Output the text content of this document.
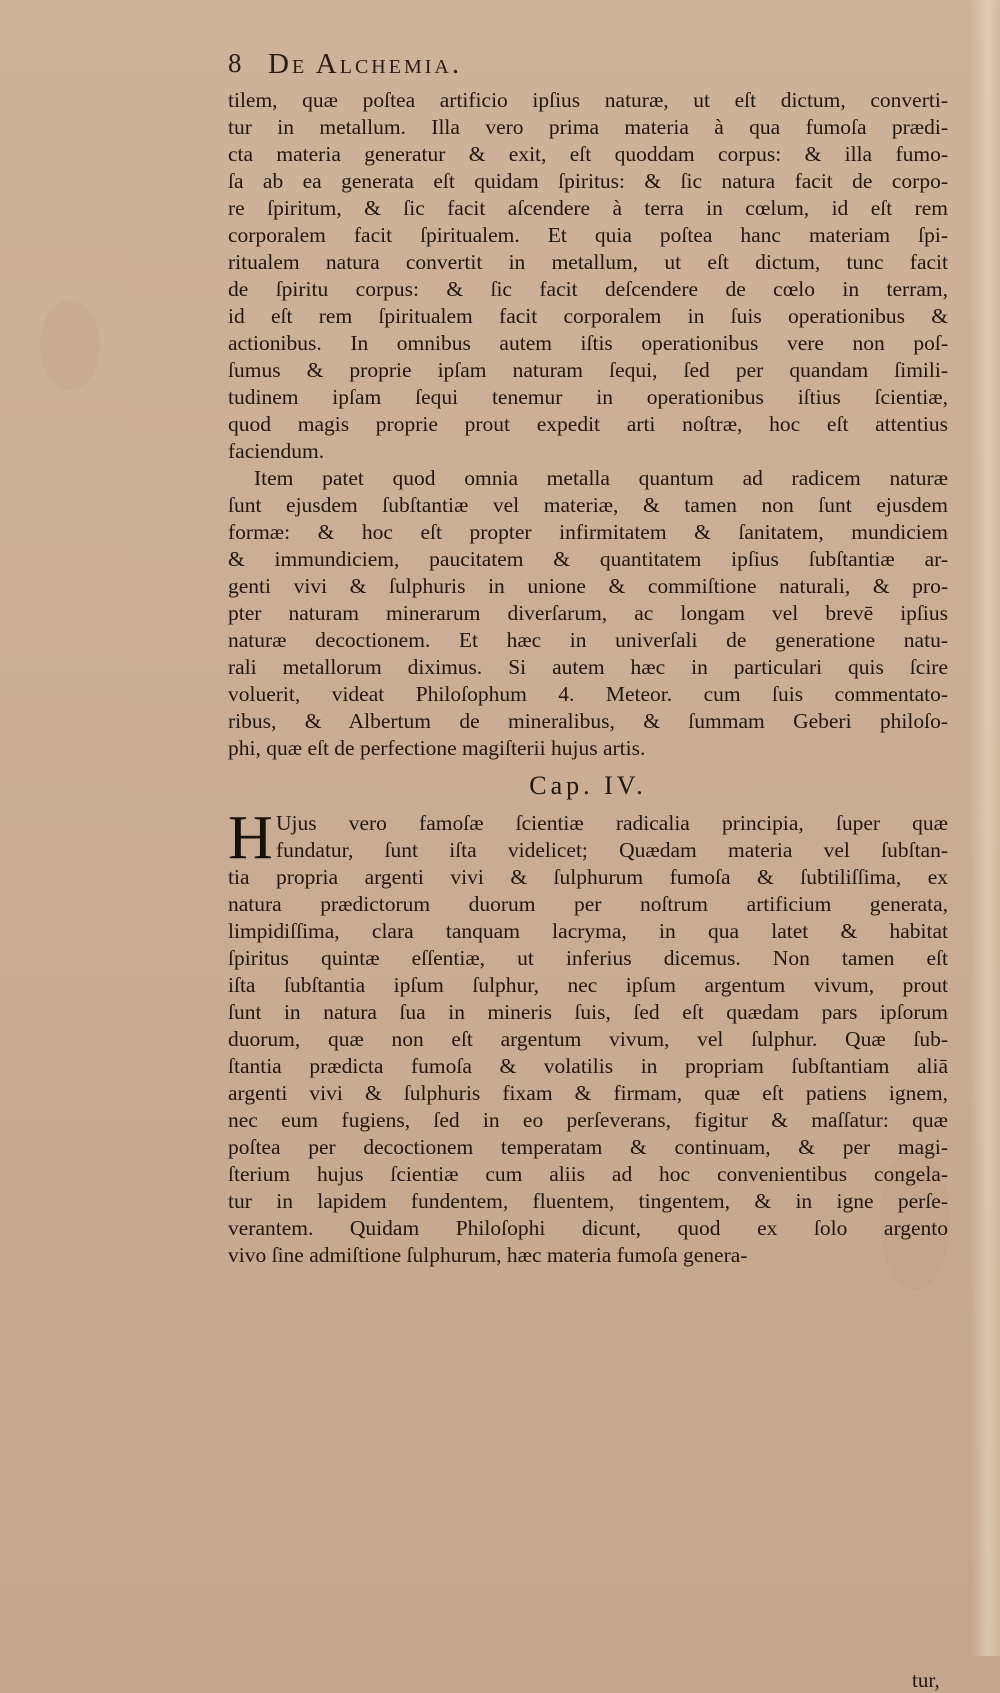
8 De Alchemia.
tilem, quæ poſtea artificio ipſius naturæ, ut eſt dictum, converti-
tur in metallum. Illa vero prima materia à qua fumoſa prædi-
cta materia generatur & exit, eſt quoddam corpus: & illa fumo-
ſa ab ea generata eſt quidam ſpiritus: & ſic natura facit de corpo-
re ſpiritum, & ſic facit aſcendere à terra in cœlum, id eſt rem
corporalem facit ſpiritualem. Et quia poſtea hanc materiam ſpi-
ritualem natura convertit in metallum, ut eſt dictum, tunc facit
de ſpiritu corpus: & ſic facit deſcendere de cœlo in terram,
id eſt rem ſpiritualem facit corporalem in ſuis operationibus &
actionibus. In omnibus autem iſtis operationibus vere non poſ-
ſumus & proprie ipſam naturam ſequi, ſed per quandam ſimili-
tudinem ipſam ſequi tenemur in operationibus iſtius ſcientiæ,
quod magis proprie prout expedit arti noſtræ, hoc eſt attentius
faciendum.
Item patet quod omnia metalla quantum ad radicem naturæ
ſunt ejusdem ſubſtantiæ vel materiæ, & tamen non ſunt ejusdem
formæ: & hoc eſt propter infirmitatem & ſanitatem, mundiciem
& immundiciem, paucitatem & quantitatem ipſius ſubſtantiæ ar-
genti vivi & ſulphuris in unione & commiſtione naturali, & pro-
pter naturam minerarum diverſarum, ac longam vel brevē ipſius
naturæ decoctionem. Et hæc in univerſali de generatione natu-
rali metallorum diximus. Si autem hæc in particulari quis ſcire
voluerit, videat Philoſophum 4. Meteor. cum ſuis commentato-
ribus, & Albertum de mineralibus, & ſummam Geberi philoſo-
phi, quæ eſt de perfectione magiſterii hujus artis.
Cap. IV.
H Ujus vero famoſæ ſcientiæ radicalia principia, ſuper quæ
fundatur, ſunt iſta videlicet; Quædam materia vel ſubſtan-
tia propria argenti vivi & ſulphurum fumoſa & ſubtiliſſima, ex
natura prædictorum duorum per noſtrum artificium generata,
limpidiſſima, clara tanquam lacryma, in qua latet & habitat
ſpiritus quintæ eſſentiæ, ut inferius dicemus. Non tamen eſt
iſta ſubſtantia ipſum ſulphur, nec ipſum argentum vivum, prout
ſunt in natura ſua in mineris ſuis, ſed eſt quædam pars ipſorum
duorum, quæ non eſt argentum vivum, vel ſulphur. Quæ ſub-
ſtantia prædicta fumoſa & volatilis in propriam ſubſtantiam aliā
argenti vivi & ſulphuris fixam & firmam, quæ eſt patiens ignem,
nec eum fugiens, ſed in eo perſeverans, figitur & maſſatur: quæ
poſtea per decoctionem temperatam & continuam, & per magi-
ſterium hujus ſcientiæ cum aliis ad hoc convenientibus congela-
tur in lapidem fundentem, fluentem, tingentem, & in igne perſe-
verantem. Quidam Philoſophi dicunt, quod ex ſolo argento
vivo ſine admiſtione ſulphurum, hæc materia fumoſa genera-
tur,
